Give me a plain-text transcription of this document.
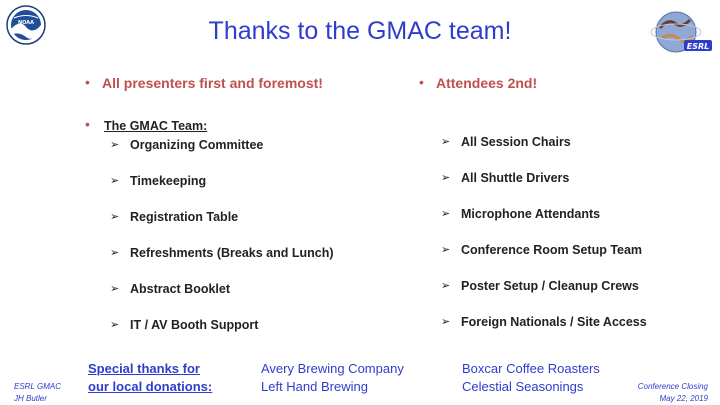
NOAA
ESRL
Thanks to the GMAC team!
• All presenters first and foremost!	• Attendees 2nd!
• The GMAC Team:
➢ Organizing Committee
➢ Timekeeping
➢ Registration Table
➢ Refreshments (Breaks and Lunch)
➢ Abstract Booklet
➢ IT / AV Booth Support
➢ All Session Chairs
➢ All Shuttle Drivers
➢ Microphone Attendants
➢ Conference Room Setup Team
➢ Poster Setup / Cleanup Crews
➢ Foreign Nationals / Site Access
Special thanks for
our local donations:
Avery Brewing Company
Left Hand Brewing
Boxcar Coffee Roasters
Celestial Seasonings
ESRL GMAC
JH Butler
Conference Closing
May 22, 2019
